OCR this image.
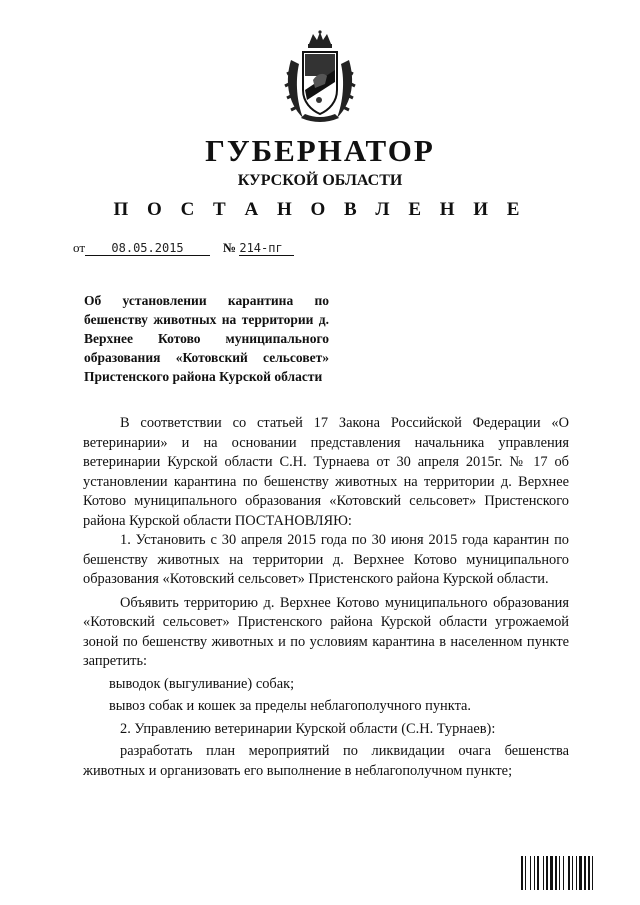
ГУБЕРНАТОР
КУРСКОЙ ОБЛАСТИ
П О С Т А Н О В Л Е Н И Е
от 08.05.2015	№ 214-пг
Об установлении карантина по бешенству животных на территории д. Верхнее Котово муниципального образования «Котовский сельсовет» Пристенского района Курской области

В соответствии со статьей 17 Закона Российской Федерации «О ветеринарии» и на основании представления начальника управления ветеринарии Курской области С.Н. Турнаева от 30 апреля 2015г. № 17 об установлении карантина по бешенству животных на территории д. Верхнее Котово муниципального образования «Котовский сельсовет» Пристенского района Курской области ПОСТАНОВЛЯЮ:

1. Установить с 30 апреля 2015 года по 30 июня 2015 года карантин по бешенству животных на территории д. Верхнее Котово муниципального образования «Котовский сельсовет» Пристенского района Курской области.

Объявить территорию д. Верхнее Котово муниципального образования «Котовский сельсовет» Пристенского района Курской области угрожаемой зоной по бешенству животных и по условиям карантина в населенном пункте запретить:

выводок (выгуливание) собак;

вывоз собак и кошек за пределы неблагополучного пункта.

2. Управлению ветеринарии Курской области (С.Н. Турнаев):

разработать план мероприятий по ликвидации очага бешенства животных и организовать его выполнение в неблагополучном пункте;
